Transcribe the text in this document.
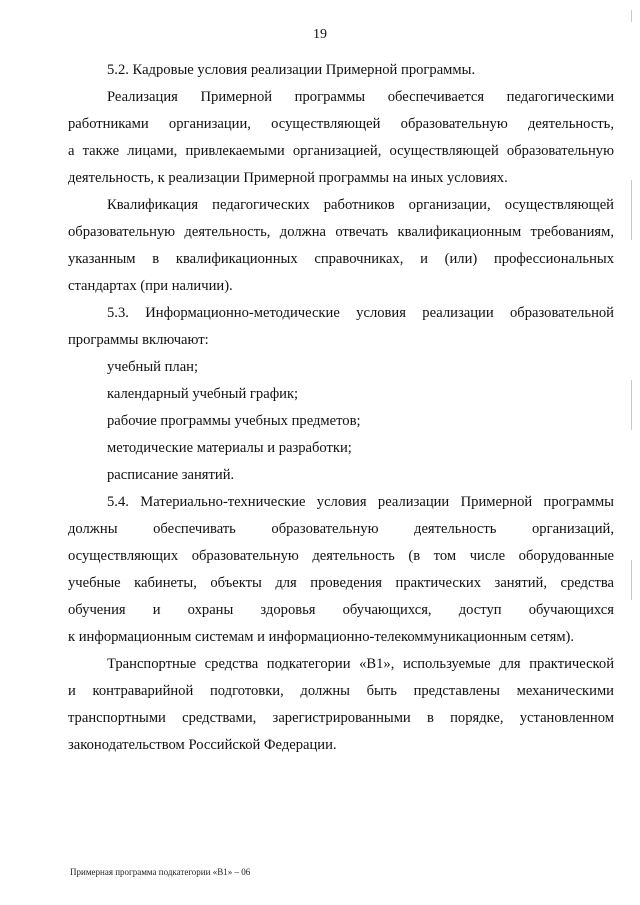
19
5.2. Кадровые условия реализации Примерной программы.
Реализация Примерной программы обеспечивается педагогическими
работниками организации, осуществляющей образовательную деятельность,
а также лицами, привлекаемыми организацией, осуществляющей образовательную
деятельность, к реализации Примерной программы на иных условиях.
Квалификация педагогических работников организации, осуществляющей
образовательную деятельность, должна отвечать квалификационным требованиям,
указанным в квалификационных справочниках, и (или) профессиональных
стандартах (при наличии).
5.3. Информационно-методические условия реализации образовательной
программы включают:
учебный план;
календарный учебный график;
рабочие программы учебных предметов;
методические материалы и разработки;
расписание занятий.
5.4. Материально-технические условия реализации Примерной программы
должны обеспечивать образовательную деятельность организаций,
осуществляющих образовательную деятельность (в том числе оборудованные
учебные кабинеты, объекты для проведения практических занятий, средства
обучения и охраны здоровья обучающихся, доступ обучающихся
к информационным системам и информационно-телекоммуникационным сетям).
Транспортные средства подкатегории «В1», используемые для практической
и контраварийной подготовки, должны быть представлены механическими
транспортными средствами, зарегистрированными в порядке, установленном
законодательством Российской Федерации.
Примерная программа подкатегории «В1» – 06
